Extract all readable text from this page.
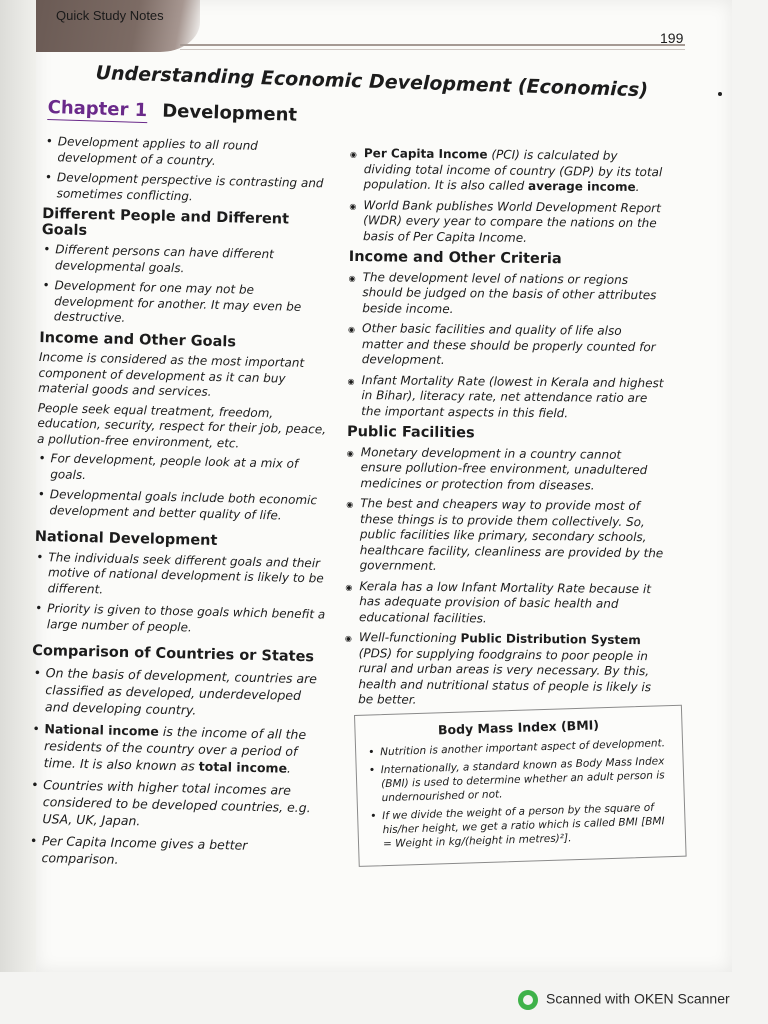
Quick Study Notes
199
Understanding Economic Development (Economics)
Chapter 1 Development
• Development applies to all round development of a country.
• Development perspective is contrasting and sometimes conflicting.
Different People and Different Goals
• Different persons can have different developmental goals.
• Development for one may not be development for another. It may even be destructive.
Income and Other Goals
Income is considered as the most important component of development as it can buy material goods and services.
People seek equal treatment, freedom, education, security, respect for their job, peace, a pollution-free environment, etc.
• For development, people look at a mix of goals.
• Developmental goals include both economic development and better quality of life.
National Development
• The individuals seek different goals and their motive of national development is likely to be different.
• Priority is given to those goals which benefit a large number of people.
Comparison of Countries or States
• On the basis of development, countries are classified as developed, underdeveloped and developing country.
• National income is the income of all the residents of the country over a period of time. It is also known as total income.
• Countries with higher total incomes are considered to be developed countries, e.g. USA, UK, Japan.
• Per Capita Income gives a better comparison.
◉ Per Capita Income (PCI) is calculated by dividing total income of country (GDP) by its total population. It is also called average income.
◉ World Bank publishes World Development Report (WDR) every year to compare the nations on the basis of Per Capita Income.
Income and Other Criteria
◉ The development level of nations or regions should be judged on the basis of other attributes beside income.
◉ Other basic facilities and quality of life also matter and these should be properly counted for development.
◉ Infant Mortality Rate (lowest in Kerala and highest in Bihar), literacy rate, net attendance ratio are the important aspects in this field.
Public Facilities
◉ Monetary development in a country cannot ensure pollution-free environment, unadultered medicines or protection from diseases.
◉ The best and cheapers way to provide most of these things is to provide them collectively. So, public facilities like primary, secondary schools, healthcare facility, cleanliness are provided by the government.
◉ Kerala has a low Infant Mortality Rate because it has adequate provision of basic health and educational facilities.
◉ Well-functioning Public Distribution System (PDS) for supplying foodgrains to poor people in rural and urban areas is very necessary. By this, health and nutritional status of people is likely is be better.
Body Mass Index (BMI)
• Nutrition is another important aspect of development.
• Internationally, a standard known as Body Mass Index (BMI) is used to determine whether an adult person is undernourished or not.
• If we divide the weight of a person by the square of his/her height, we get a ratio which is called BMI [BMI = Weight in kg/(height in metres)²].
Scanned with OKEN Scanner
